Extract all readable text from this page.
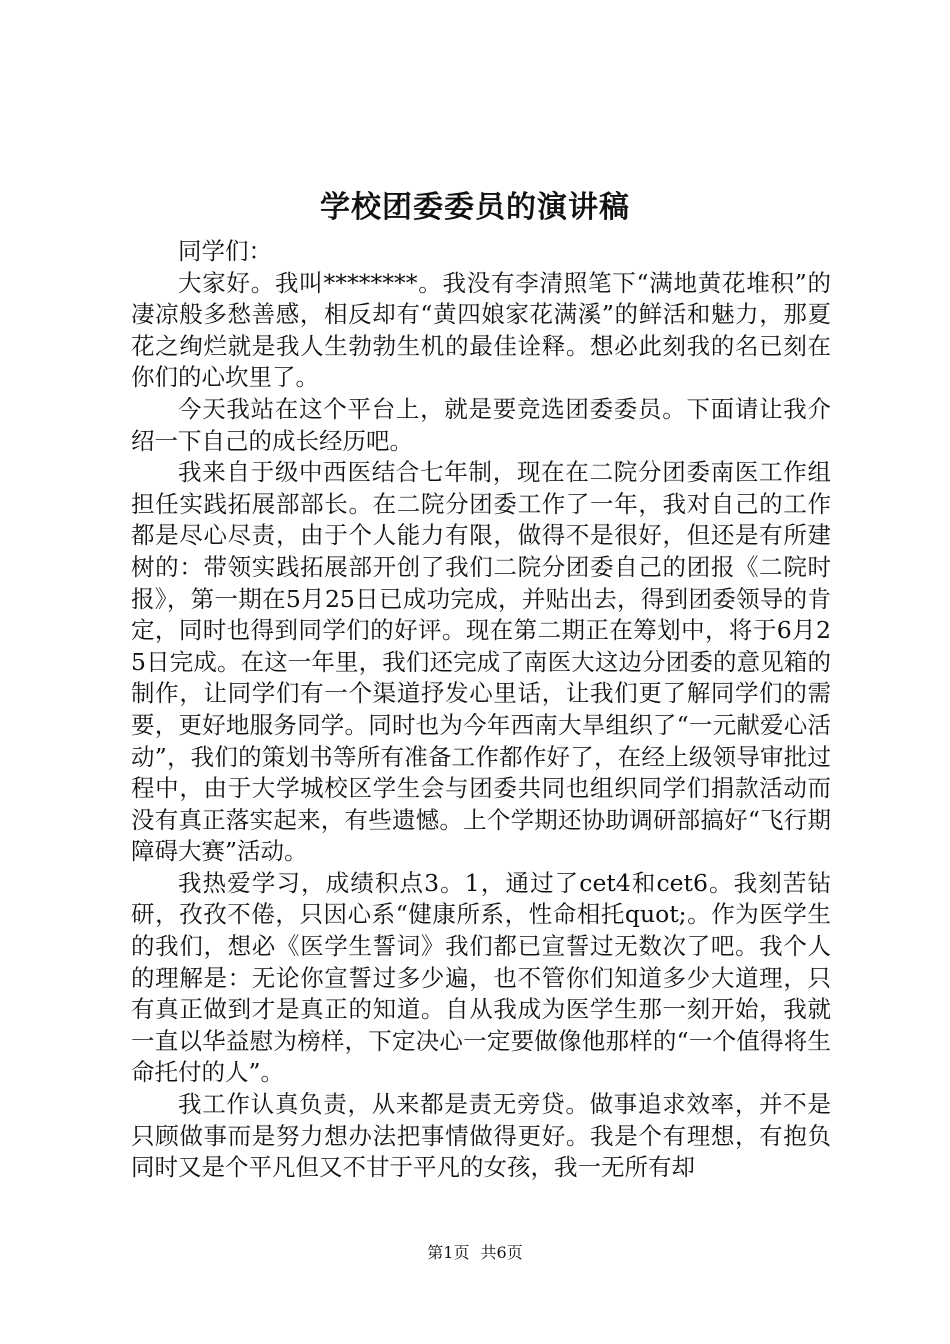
学校团委委员的演讲稿

同学们：

大家好。我叫********。我没有李清照笔下“满地黄花堆积”的凄凉般多愁善感，相反却有“黄四娘家花满溪”的鲜活和魅力，那夏花之绚烂就是我人生勃勃生机的最佳诠释。想必此刻我的名已刻在你们的心坎里了。

今天我站在这个平台上，就是要竞选团委委员。下面请让我介绍一下自己的成长经历吧。

我来自于级中西医结合七年制，现在在二院分团委南医工作组担任实践拓展部部长。在二院分团委工作了一年，我对自己的工作都是尽心尽责，由于个人能力有限，做得不是很好，但还是有所建树的：带领实践拓展部开创了我们二院分团委自己的团报《二院时报》，第一期在5月25日已成功完成，并贴出去，得到团委领导的肯定，同时也得到同学们的好评。现在第二期正在筹划中，将于6月25日完成。在这一年里，我们还完成了南医大这边分团委的意见箱的制作，让同学们有一个渠道抒发心里话，让我们更了解同学们的需要，更好地服务同学。同时也为今年西南大旱组织了“一元献爱心活动”，我们的策划书等所有准备工作都作好了，在经上级领导审批过程中，由于大学城校区学生会与团委共同也组织同学们捐款活动而没有真正落实起来，有些遗憾。上个学期还协助调研部搞好“飞行期障碍大赛”活动。

我热爱学习，成绩积点3。1，通过了cet4和cet6。我刻苦钻研，孜孜不倦，只因心系“健康所系，性命相托quot;。作为医学生的我们，想必《医学生誓词》我们都已宣誓过无数次了吧。我个人的理解是：无论你宣誓过多少遍，也不管你们知道多少大道理，只有真正做到才是真正的知道。自从我成为医学生那一刻开始，我就一直以华益慰为榜样，下定决心一定要做像他那样的“一个值得将生命托付的人”。

我工作认真负责，从来都是责无旁贷。做事追求效率，并不是只顾做事而是努力想办法把事情做得更好。我是个有理想，有抱负同时又是个平凡但又不甘于平凡的女孩，我一无所有却

第1页 共6页
